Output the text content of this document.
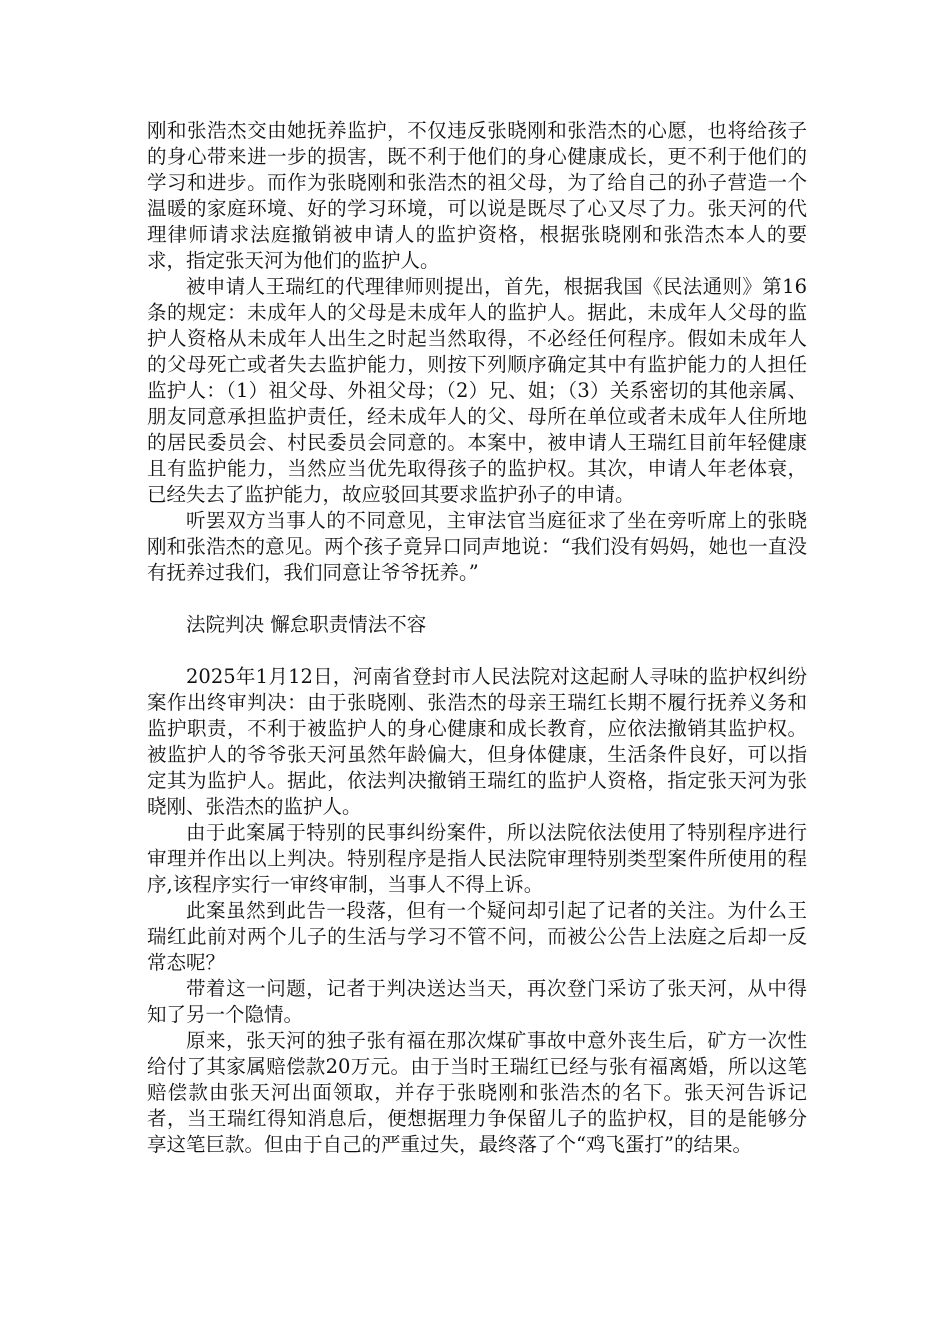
刚和张浩杰交由她抚养监护，不仅违反张晓刚和张浩杰的心愿，也将给孩子的身心带来进一步的损害，既不利于他们的身心健康成长，更不利于他们的学习和进步。而作为张晓刚和张浩杰的祖父母，为了给自己的孙子营造一个温暖的家庭环境、好的学习环境，可以说是既尽了心又尽了力。张天河的代理律师请求法庭撤销被申请人的监护资格，根据张晓刚和张浩杰本人的要求，指定张天河为他们的监护人。

被申请人王瑞红的代理律师则提出，首先，根据我国《民法通则》第16条的规定：未成年人的父母是未成年人的监护人。据此，未成年人父母的监护人资格从未成年人出生之时起当然取得，不必经任何程序。假如未成年人的父母死亡或者失去监护能力，则按下列顺序确定其中有监护能力的人担任监护人：（1）祖父母、外祖父母；（2）兄、姐；（3）关系密切的其他亲属、朋友同意承担监护责任，经未成年人的父、母所在单位或者未成年人住所地的居民委员会、村民委员会同意的。本案中，被申请人王瑞红目前年轻健康且有监护能力，当然应当优先取得孩子的监护权。其次，申请人年老体衰，已经失去了监护能力，故应驳回其要求监护孙子的申请。

听罢双方当事人的不同意见，主审法官当庭征求了坐在旁听席上的张晓刚和张浩杰的意见。两个孩子竟异口同声地说：“我们没有妈妈，她也一直没有抚养过我们，我们同意让爷爷抚养。”

法院判决 懈怠职责情法不容

2025年1月12日，河南省登封市人民法院对这起耐人寻味的监护权纠纷案作出终审判决：由于张晓刚、张浩杰的母亲王瑞红长期不履行抚养义务和监护职责，不利于被监护人的身心健康和成长教育，应依法撤销其监护权。被监护人的爷爷张天河虽然年龄偏大，但身体健康，生活条件良好，可以指定其为监护人。据此，依法判决撤销王瑞红的监护人资格，指定张天河为张晓刚、张浩杰的监护人。

由于此案属于特别的民事纠纷案件，所以法院依法使用了特别程序进行审理并作出以上判决。特别程序是指人民法院审理特别类型案件所使用的程序,该程序实行一审终审制，当事人不得上诉。

此案虽然到此告一段落，但有一个疑问却引起了记者的关注。为什么王瑞红此前对两个儿子的生活与学习不管不问，而被公公告上法庭之后却一反常态呢？

带着这一问题，记者于判决送达当天，再次登门采访了张天河，从中得知了另一个隐情。

原来，张天河的独子张有福在那次煤矿事故中意外丧生后，矿方一次性给付了其家属赔偿款20万元。由于当时王瑞红已经与张有福离婚，所以这笔赔偿款由张天河出面领取，并存于张晓刚和张浩杰的名下。张天河告诉记者，当王瑞红得知消息后，便想据理力争保留儿子的监护权，目的是能够分享这笔巨款。但由于自己的严重过失，最终落了个“鸡飞蛋打”的结果。
